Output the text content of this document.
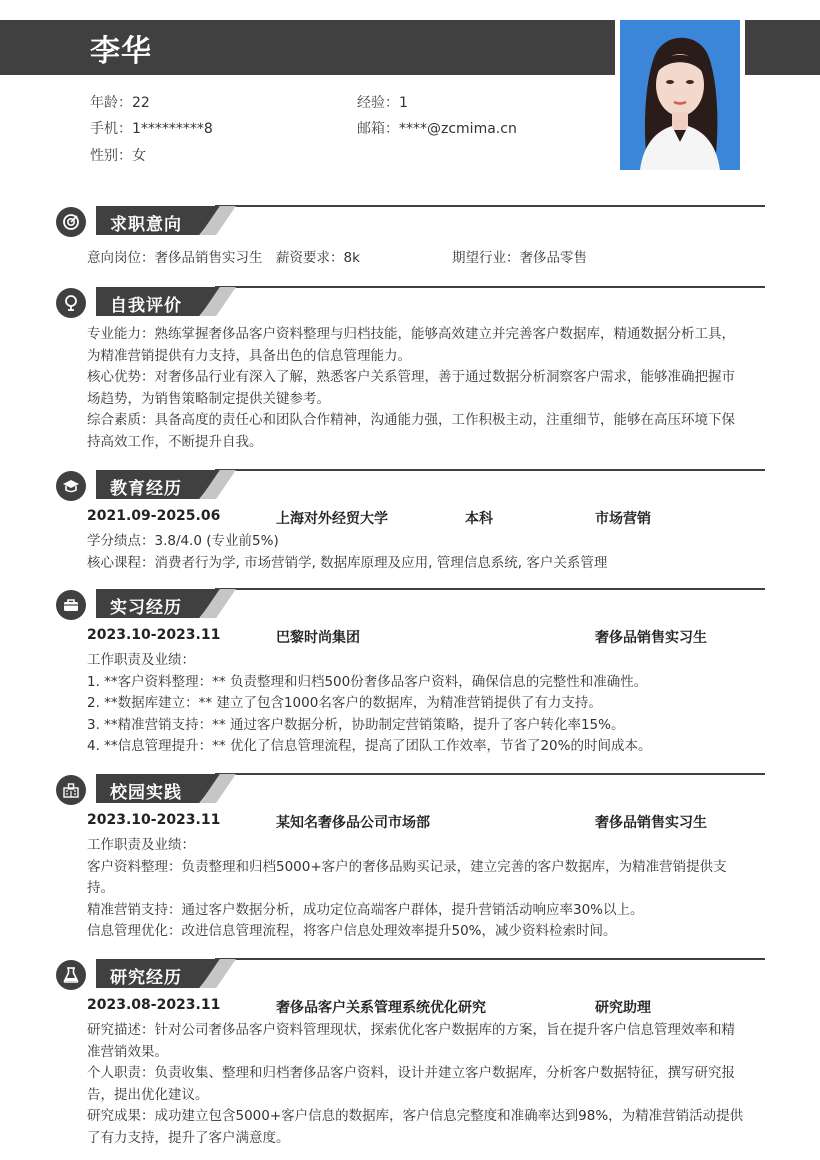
李华
年龄：22	经验：1
手机：1*********8	邮箱：****@zcmima.cn
性别：女
求职意向
意向岗位：奢侈品销售实习生	薪资要求：8k	期望行业：奢侈品零售
自我评价
专业能力：熟练掌握奢侈品客户资料整理与归档技能，能够高效建立并完善客户数据库，精通数据分析工具，
为精准营销提供有力支持，具备出色的信息管理能力。
核心优势：对奢侈品行业有深入了解，熟悉客户关系管理，善于通过数据分析洞察客户需求，能够准确把握市
场趋势，为销售策略制定提供关键参考。
综合素质：具备高度的责任心和团队合作精神，沟通能力强，工作积极主动，注重细节，能够在高压环境下保
持高效工作，不断提升自我。
教育经历
2021.09-2025.06	上海对外经贸大学	本科	市场营销
学分绩点：3.8/4.0 (专业前5%)
核心课程：消费者行为学, 市场营销学, 数据库原理及应用, 管理信息系统, 客户关系管理
实习经历
2023.10-2023.11	巴黎时尚集团	奢侈品销售实习生
工作职责及业绩：
1. **客户资料整理：** 负责整理和归档500份奢侈品客户资料，确保信息的完整性和准确性。
2. **数据库建立：** 建立了包含1000名客户的数据库，为精准营销提供了有力支持。
3. **精准营销支持：** 通过客户数据分析，协助制定营销策略，提升了客户转化率15%。
4. **信息管理提升：** 优化了信息管理流程，提高了团队工作效率，节省了20%的时间成本。
校园实践
2023.10-2023.11	某知名奢侈品公司市场部	奢侈品销售实习生
工作职责及业绩：
客户资料整理：负责整理和归档5000+客户的奢侈品购买记录，建立完善的客户数据库，为精准营销提供支
持。
精准营销支持：通过客户数据分析，成功定位高端客户群体，提升营销活动响应率30%以上。
信息管理优化：改进信息管理流程，将客户信息处理效率提升50%，减少资料检索时间。
研究经历
2023.08-2023.11	奢侈品客户关系管理系统优化研究	研究助理
研究描述：针对公司奢侈品客户资料管理现状，探索优化客户数据库的方案，旨在提升客户信息管理效率和精
准营销效果。
个人职责：负责收集、整理和归档奢侈品客户资料，设计并建立客户数据库，分析客户数据特征，撰写研究报
告，提出优化建议。
研究成果：成功建立包含5000+客户信息的数据库，客户信息完整度和准确率达到98%，为精准营销活动提供
了有力支持，提升了客户满意度。
